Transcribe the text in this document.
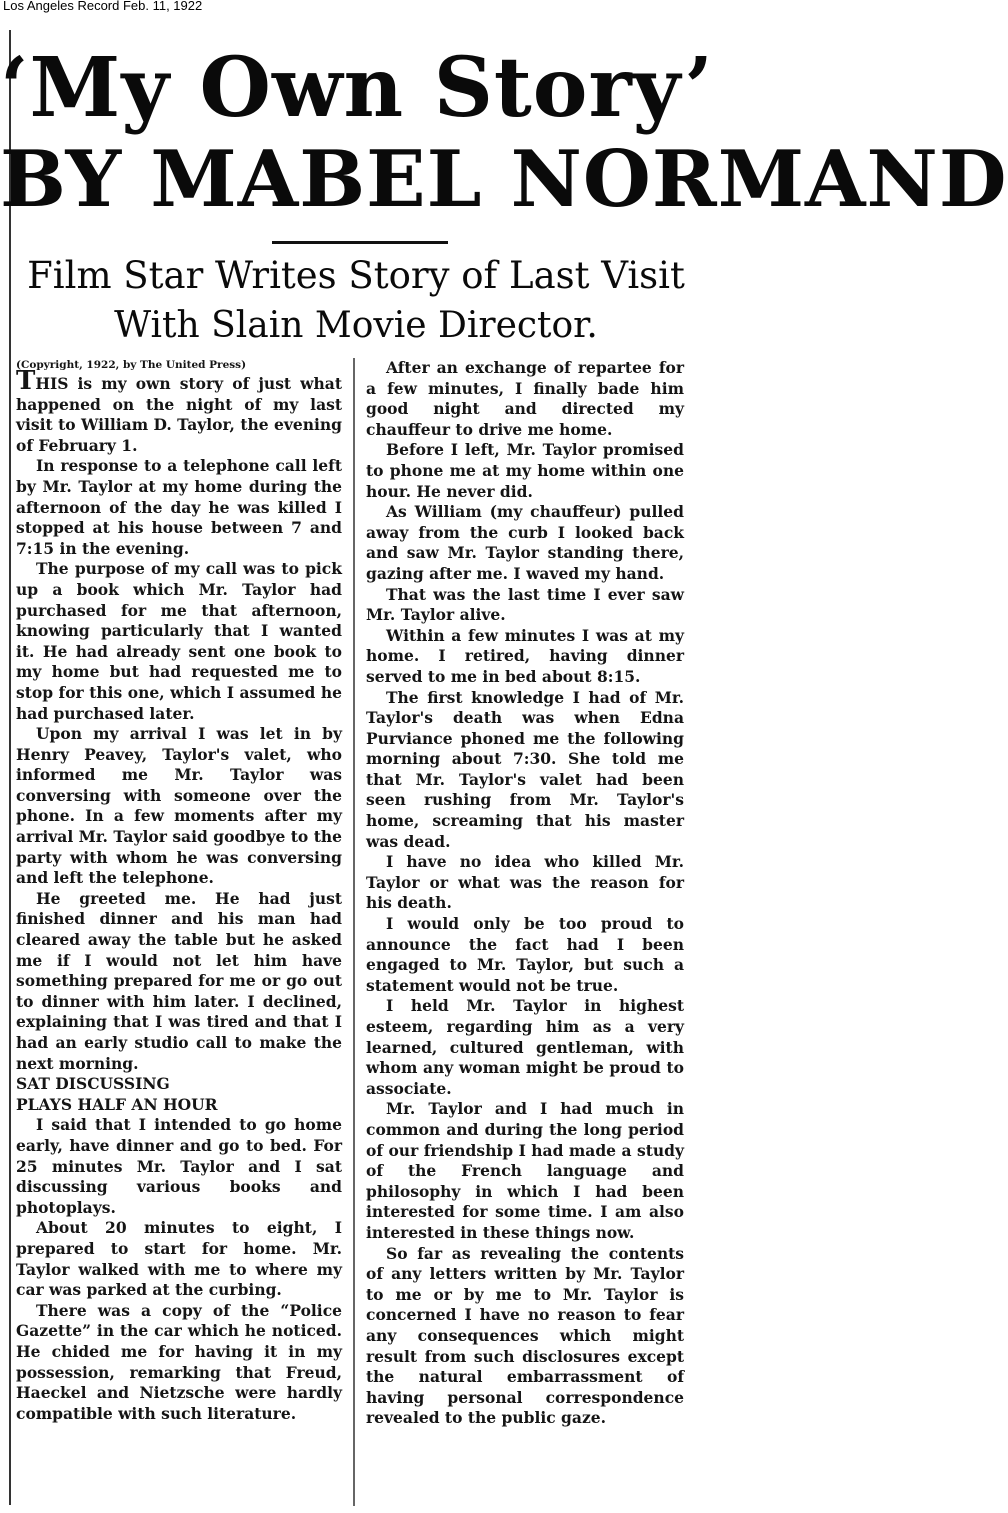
Los Angeles Record Feb. 11, 1922
‘My Own Story’
BY MABEL NORMAND
Film Star Writes Story of Last Visit
With Slain Movie Director.

(Copyright, 1922, by The United Press)

THIS is my own story of just what happened on the night of my last visit to William D. Taylor, the evening of February 1.

In response to a telephone call left by Mr. Taylor at my home during the afternoon of the day he was killed I stopped at his house between 7 and 7:15 in the evening.

The purpose of my call was to pick up a book which Mr. Taylor had purchased for me that afternoon, knowing particularly that I wanted it. He had already sent one book to my home but had requested me to stop for this one, which I assumed he had purchased later.

Upon my arrival I was let in by Henry Peavey, Taylor's valet, who informed me Mr. Taylor was conversing with someone over the phone. In a few moments after my arrival Mr. Taylor said goodbye to the party with whom he was conversing and left the telephone.

He greeted me. He had just finished dinner and his man had cleared away the table but he asked me if I would not let him have something prepared for me or go out to dinner with him later. I declined, explaining that I was tired and that I had an early studio call to make the next morning.

SAT DISCUSSING
PLAYS HALF AN HOUR

I said that I intended to go home early, have dinner and go to bed. For 25 minutes Mr. Taylor and I sat discussing various books and photoplays.

About 20 minutes to eight, I prepared to start for home. Mr. Taylor walked with me to where my car was parked at the curbing.

There was a copy of the “Police Gazette” in the car which he noticed. He chided me for having it in my possession, remarking that Freud, Haeckel and Nietzsche were hardly compatible with such literature.

After an exchange of repartee for a few minutes, I finally bade him good night and directed my chauffeur to drive me home.

Before I left, Mr. Taylor promised to phone me at my home within one hour. He never did.

As William (my chauffeur) pulled away from the curb I looked back and saw Mr. Taylor standing there, gazing after me. I waved my hand.

That was the last time I ever saw Mr. Taylor alive.

Within a few minutes I was at my home. I retired, having dinner served to me in bed about 8:15.

The first knowledge I had of Mr. Taylor's death was when Edna Purviance phoned me the following morning about 7:30. She told me that Mr. Taylor's valet had been seen rushing from Mr. Taylor's home, screaming that his master was dead.

I have no idea who killed Mr. Taylor or what was the reason for his death.

I would only be too proud to announce the fact had I been engaged to Mr. Taylor, but such a statement would not be true.

I held Mr. Taylor in highest esteem, regarding him as a very learned, cultured gentleman, with whom any woman might be proud to associate.

Mr. Taylor and I had much in common and during the long period of our friendship I had made a study of the French language and philosophy in which I had been interested for some time. I am also interested in these things now.

So far as revealing the contents of any letters written by Mr. Taylor to me or by me to Mr. Taylor is concerned I have no reason to fear any consequences which might result from such disclosures except the natural embarrassment of having personal correspondence revealed to the public gaze.
